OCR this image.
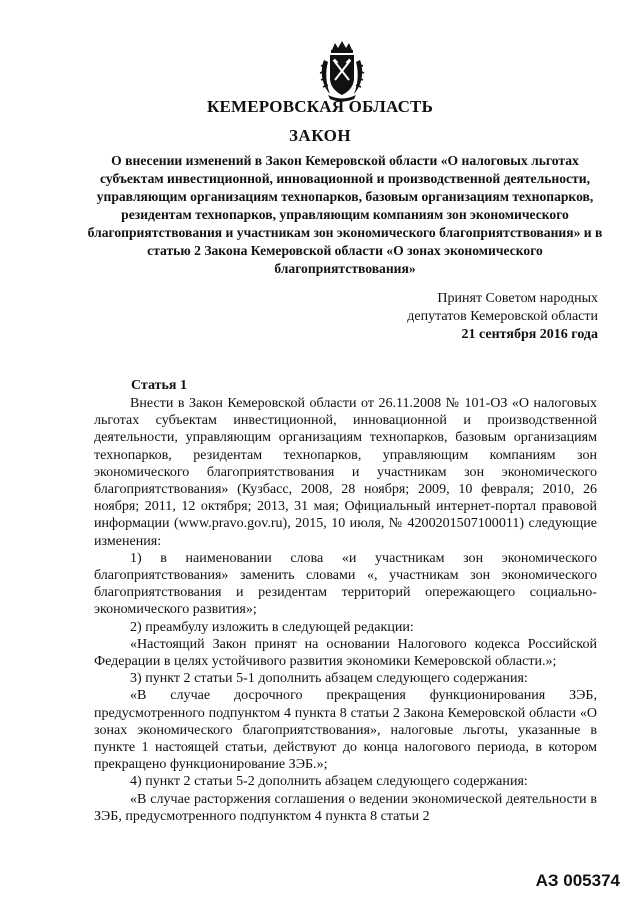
КЕМЕРОВСКАЯ ОБЛАСТЬ
ЗАКОН
О внесении изменений в Закон Кемеровской области «О налоговых льготах субъектам инвестиционной, инновационной и производственной деятельности, управляющим организациям технопарков, базовым организациям технопарков, резидентам технопарков, управляющим компаниям зон экономического благоприятствования и участникам зон экономического благоприятствования» и в статью 2 Закона Кемеровской области «О зонах экономического благоприятствования»
Принят Советом народных
депутатов Кемеровской области
21 сентября 2016 года
Статья 1

Внести в Закон Кемеровской области от 26.11.2008 № 101-ОЗ «О налоговых льготах субъектам инвестиционной, инновационной и производственной деятельности, управляющим организациям технопарков, базовым организациям технопарков, резидентам технопарков, управляющим компаниям зон экономического благоприятствования и участникам зон экономического благоприятствования» (Кузбасс, 2008, 28 ноября; 2009, 10 февраля; 2010, 26 ноября; 2011, 12 октября; 2013, 31 мая; Официальный интернет-портал правовой информации (www.pravo.gov.ru), 2015, 10 июля, № 4200201507100011) следующие изменения:

1) в наименовании слова «и участникам зон экономического благоприятствования» заменить словами «, участникам зон экономического благоприятствования и резидентам территорий опережающего социально-экономического развития»;

2) преамбулу изложить в следующей редакции:

«Настоящий Закон принят на основании Налогового кодекса Российской Федерации в целях устойчивого развития экономики Кемеровской области.»;

3) пункт 2 статьи 5-1 дополнить абзацем следующего содержания:

«В случае досрочного прекращения функционирования ЗЭБ, предусмотренного подпунктом 4 пункта 8 статьи 2 Закона Кемеровской области «О зонах экономического благоприятствования», налоговые льготы, указанные в пункте 1 настоящей статьи, действуют до конца налогового периода, в котором прекращено функционирование ЗЭБ.»;

4) пункт 2 статьи 5-2 дополнить абзацем следующего содержания:

«В случае расторжения соглашения о ведении экономической деятельности в ЗЭБ, предусмотренного подпунктом 4 пункта 8 статьи 2

АЗ 005374
